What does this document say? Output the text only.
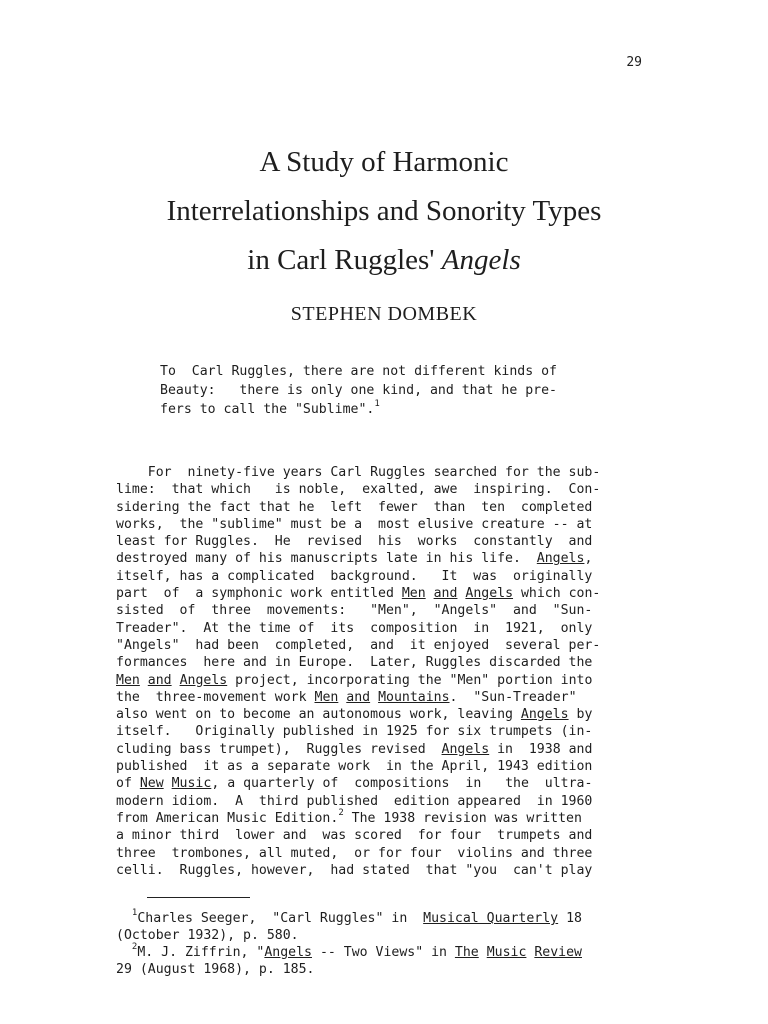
29
A Study of Harmonic
Interrelationships and Sonority Types
in Carl Ruggles' Angels
STEPHEN DOMBEK
To  Carl Ruggles, there are not different kinds of
Beauty:   there is only one kind, and that he pre-
fers to call the "Sublime".$^1$
For  ninety-five years Carl Ruggles searched for the sub-
lime:  that which   is noble,  exalted, awe  inspiring.  Con-
sidering the fact that he  left  fewer  than  ten  completed
works,  the "sublime" must be a  most elusive creature -- at
least for Ruggles.  He  revised  his  works  constantly  and
destroyed many of his manuscripts late in his life.  Angels,
itself, has a complicated  background.   It  was  originally
part  of  a symphonic work entitled Men and Angels which con-
sisted  of  three  movements:   "Men",  "Angels"  and  "Sun-
Treader".  At the time of  its  composition  in  1921,  only
"Angels"  had been  completed,  and  it enjoyed  several per-
formances  here and in Europe.  Later, Ruggles discarded the
Men and Angels project, incorporating the "Men" portion into
the  three-movement work Men and Mountains.  "Sun-Treader"
also went on to become an autonomous work, leaving Angels by
itself.   Originally published in 1925 for six trumpets (in-
cluding bass trumpet),  Ruggles revised  Angels in  1938 and
published  it as a separate work  in the April, 1943 edition
of New Music, a quarterly of  compositions  in   the  ultra-
modern idiom.  A  third published  edition appeared  in 1960
from American Music Edition.$^2$ The 1938 revision was written
a minor third  lower and  was scored  for four  trumpets and
three  trombones, all muted,  or for four  violins and three
celli.  Ruggles, however,  had stated  that "you  can't play
$^1$Charles Seeger,  "Carl Ruggles" in  Musical Quarterly 18
(October 1932), p. 580.
$^2$M. J. Ziffrin, "Angels -- Two Views" in The Music Review
29 (August 1968), p. 185.
